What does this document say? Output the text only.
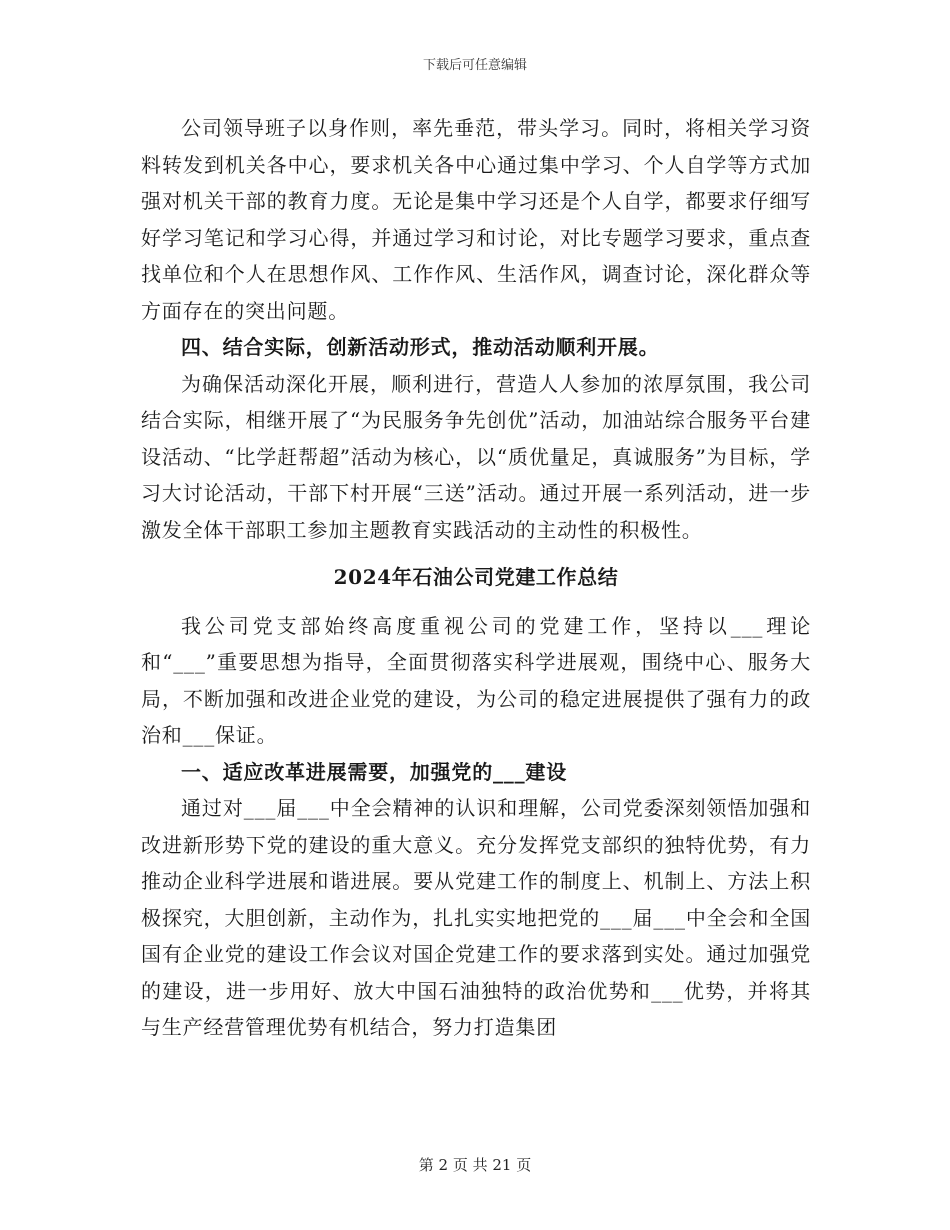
下载后可任意编辑

公司领导班子以身作则，率先垂范，带头学习。同时，将相关学习资料转发到机关各中心，要求机关各中心通过集中学习、个人自学等方式加强对机关干部的教育力度。无论是集中学习还是个人自学，都要求仔细写好学习笔记和学习心得，并通过学习和讨论，对比专题学习要求，重点查找单位和个人在思想作风、工作作风、生活作风，调查讨论，深化群众等方面存在的突出问题。

四、结合实际，创新活动形式，推动活动顺利开展。

为确保活动深化开展，顺利进行，营造人人参加的浓厚氛围，我公司结合实际，相继开展了“为民服务争先创优”活动，加油站综合服务平台建设活动、“比学赶帮超”活动为核心，以“质优量足，真诚服务”为目标，学习大讨论活动，干部下村开展“三送”活动。通过开展一系列活动，进一步激发全体干部职工参加主题教育实践活动的主动性的积极性。

2024年石油公司党建工作总结

我公司党支部始终高度重视公司的党建工作，坚持以___理论和“___”重要思想为指导，全面贯彻落实科学进展观，围绕中心、服务大局，不断加强和改进企业党的建设，为公司的稳定进展提供了强有力的政治和___保证。

一、适应改革进展需要，加强党的___建设

通过对___届___中全会精神的认识和理解，公司党委深刻领悟加强和改进新形势下党的建设的重大意义。充分发挥党支部织的独特优势，有力推动企业科学进展和谐进展。要从党建工作的制度上、机制上、方法上积极探究，大胆创新，主动作为，扎扎实实地把党的___届___中全会和全国国有企业党的建设工作会议对国企党建工作的要求落到实处。通过加强党的建设，进一步用好、放大中国石油独特的政治优势和___优势，并将其与生产经营管理优势有机结合，努力打造集团

第 2 页 共 21 页
